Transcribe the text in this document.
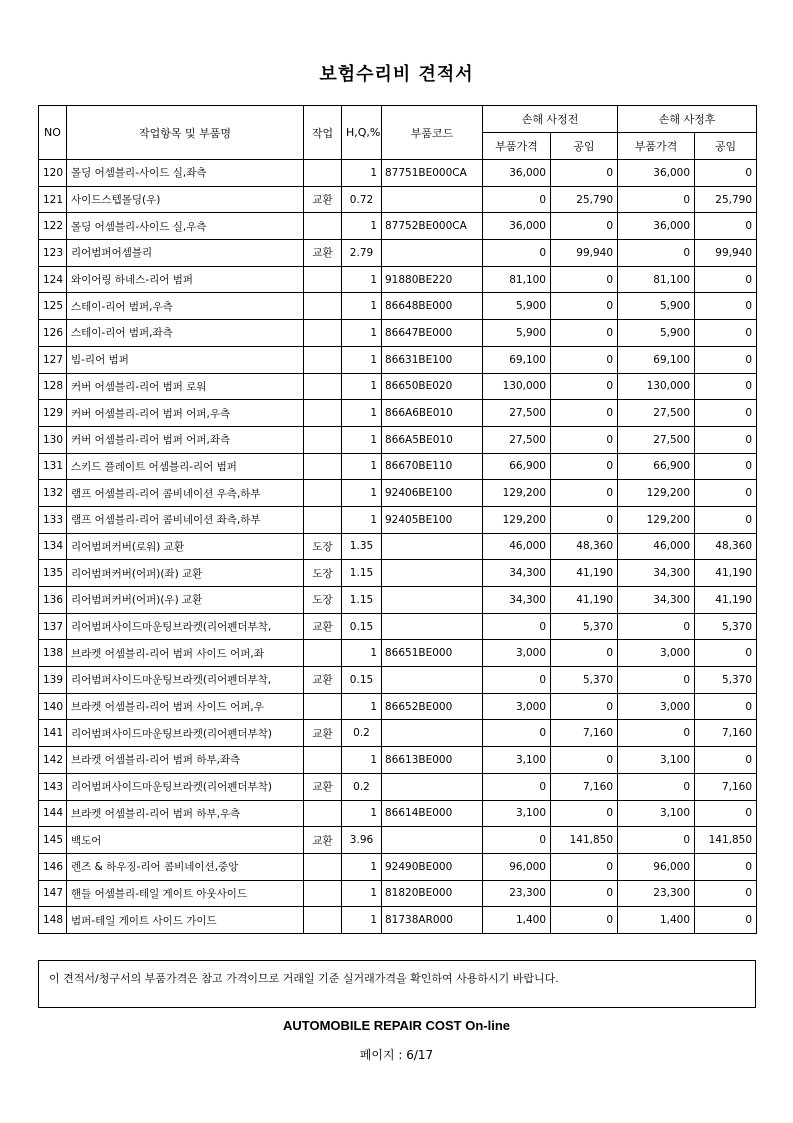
보험수리비 견적서
NO	작업항목 및 부품명	작업	H,Q,%	부품코드	손해 사정전		손해 사정후	
					부품가격	공임	부품가격	공임
120	몰딩 어셈블리-사이드 실,좌측		1	87751BE000CA	36,000	0	36,000	0
121	사이드스텝몰딩(우)	교환	0.72		0	25,790	0	25,790
122	몰딩 어셈블리-사이드 실,우측		1	87752BE000CA	36,000	0	36,000	0
123	리어범퍼어셈블리	교환	2.79		0	99,940	0	99,940
124	와이어링 하네스-리어 범퍼		1	91880BE220	81,100	0	81,100	0
125	스테이-리어 범퍼,우측		1	86648BE000	5,900	0	5,900	0
126	스테이-리어 범퍼,좌측		1	86647BE000	5,900	0	5,900	0
127	빔-리어 범퍼		1	86631BE100	69,100	0	69,100	0
128	커버 어셈블리-리어 범퍼 로워		1	86650BE020	130,000	0	130,000	0
129	커버 어셈블리-리어 범퍼 어퍼,우측		1	866A6BE010	27,500	0	27,500	0
130	커버 어셈블리-리어 범퍼 어퍼,좌측		1	866A5BE010	27,500	0	27,500	0
131	스키드 플레이트 어셈블리-리어 범퍼		1	86670BE110	66,900	0	66,900	0
132	램프 어셈블리-리어 콤비네이션 우측,하부		1	92406BE100	129,200	0	129,200	0
133	램프 어셈블리-리어 콤비네이션 좌측,하부		1	92405BE100	129,200	0	129,200	0
134	리어범퍼커버(로워) 교환	도장	1.35		46,000	48,360	46,000	48,360
135	리어범퍼커버(어퍼)(좌) 교환	도장	1.15		34,300	41,190	34,300	41,190
136	리어범퍼커버(어퍼)(우) 교환	도장	1.15		34,300	41,190	34,300	41,190
137	리어범퍼사이드마운팅브라켓(리어펜더부착,	교환	0.15		0	5,370	0	5,370
138	브라켓 어셈블리-리어 범퍼 사이드 어퍼,좌		1	86651BE000	3,000	0	3,000	0
139	리어범퍼사이드마운팅브라켓(리어펜더부착,	교환	0.15		0	5,370	0	5,370
140	브라켓 어셈블리-리어 범퍼 사이드 어퍼,우		1	86652BE000	3,000	0	3,000	0
141	리어범퍼사이드마운팅브라켓(리어펜더부착)	교환	0.2		0	7,160	0	7,160
142	브라켓 어셈블리-리어 범퍼 하부,좌측		1	86613BE000	3,100	0	3,100	0
143	리어범퍼사이드마운팅브라켓(리어펜더부착)	교환	0.2		0	7,160	0	7,160
144	브라켓 어셈블리-리어 범퍼 하부,우측		1	86614BE000	3,100	0	3,100	0
145	백도어	교환	3.96		0	141,850	0	141,850
146	렌즈 & 하우징-리어 콤비네이션,중앙		1	92490BE000	96,000	0	96,000	0
147	핸들 어셈블리-테일 게이트 아웃사이드		1	81820BE000	23,300	0	23,300	0
148	범퍼-테일 게이트 사이드 가이드		1	81738AR000	1,400	0	1,400	0
이 견적서/청구서의 부품가격은 참고 가격이므로 거래일 기준 실거래가격을 확인하여 사용하시기 바랍니다.
AUTOMOBILE REPAIR COST On-line
페이지 : 6/17
